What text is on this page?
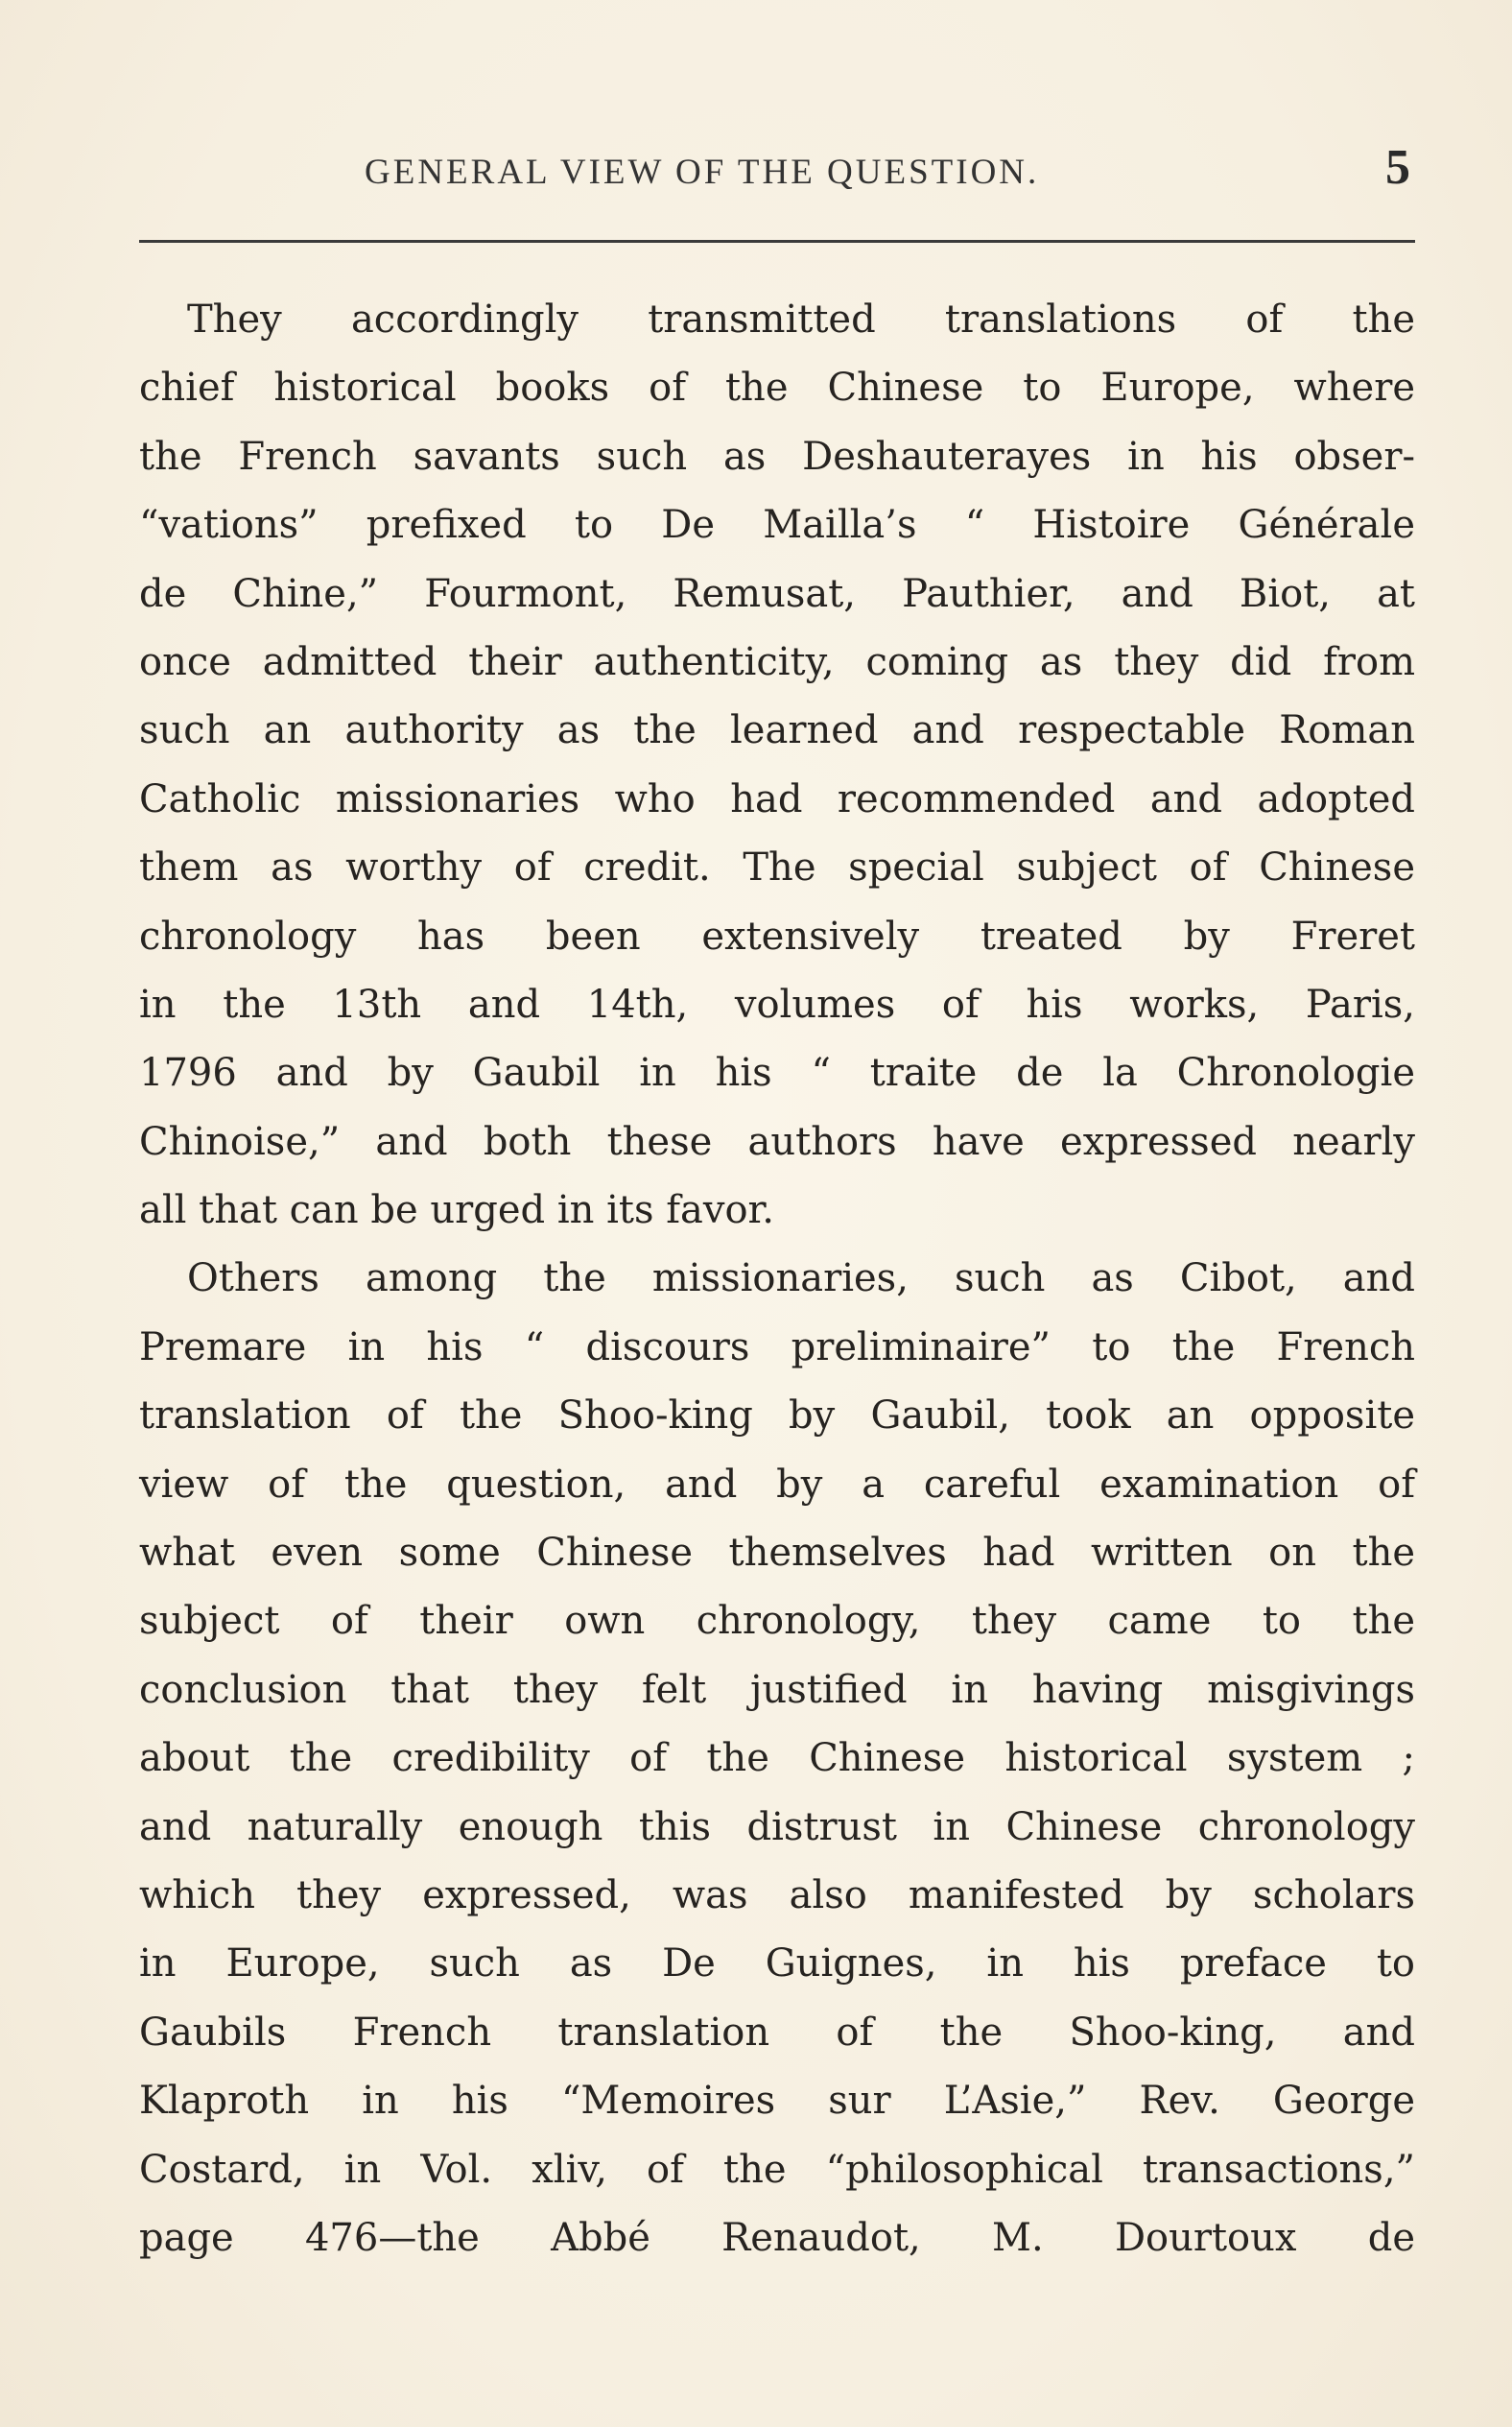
GENERAL VIEW OF THE QUESTION.	5
They accordingly transmitted translations of the
chief historical books of the Chinese to Europe, where
the French savants such as Deshauterayes in his obser-
“vations” prefixed to De Mailla’s “ Histoire Générale
de Chine,” Fourmont, Remusat, Pauthier, and Biot, at
once admitted their authenticity, coming as they did from
such an authority as the learned and respectable Roman
Catholic missionaries who had recommended and adopted
them as worthy of credit. The special subject of Chinese
chronology has been extensively treated by Freret
in the 13th and 14th, volumes of his works, Paris,
1796 and by Gaubil in his “ traite de la Chronologie
Chinoise,” and both these authors have expressed nearly
all that can be urged in its favor.
Others among the missionaries, such as Cibot, and
Premare in his “ discours preliminaire” to the French
translation of the Shoo-king by Gaubil, took an opposite
view of the question, and by a careful examination of
what even some Chinese themselves had written on the
subject of their own chronology, they came to the
conclusion that they felt justified in having misgivings
about the credibility of the Chinese historical system ;
and naturally enough this distrust in Chinese chronology
which they expressed, was also manifested by scholars
in Europe, such as De Guignes, in his preface to
Gaubils French translation of the Shoo-king, and
Klaproth in his “Memoires sur L’Asie,” Rev. George
Costard, in Vol. xliv, of the “philosophical transactions,”
page 476—the Abbé Renaudot, M. Dourtoux de
